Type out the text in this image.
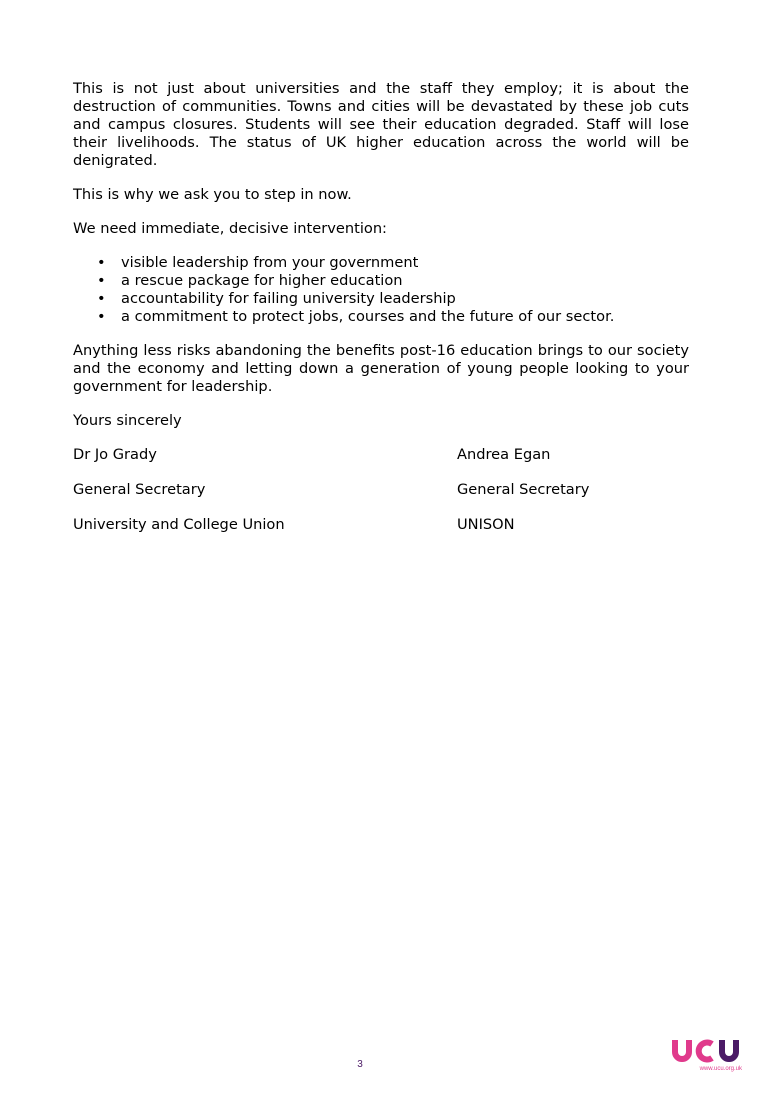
This is not just about universities and the staff they employ; it is about the destruction of communities. Towns and cities will be devastated by these job cuts and campus closures. Students will see their education degraded. Staff will lose their livelihoods. The status of UK higher education across the world will be denigrated.

This is why we ask you to step in now.

We need immediate, decisive intervention:

• visible leadership from your government
• a rescue package for higher education
• accountability for failing university leadership
• a commitment to protect jobs, courses and the future of our sector.

Anything less risks abandoning the benefits post-16 education brings to our society and the economy and letting down a generation of young people looking to your government for leadership.

Yours sincerely

Dr Jo Grady	Andrea Egan
General Secretary	General Secretary
University and College Union	UNISON
3	www.ucu.org.uk
